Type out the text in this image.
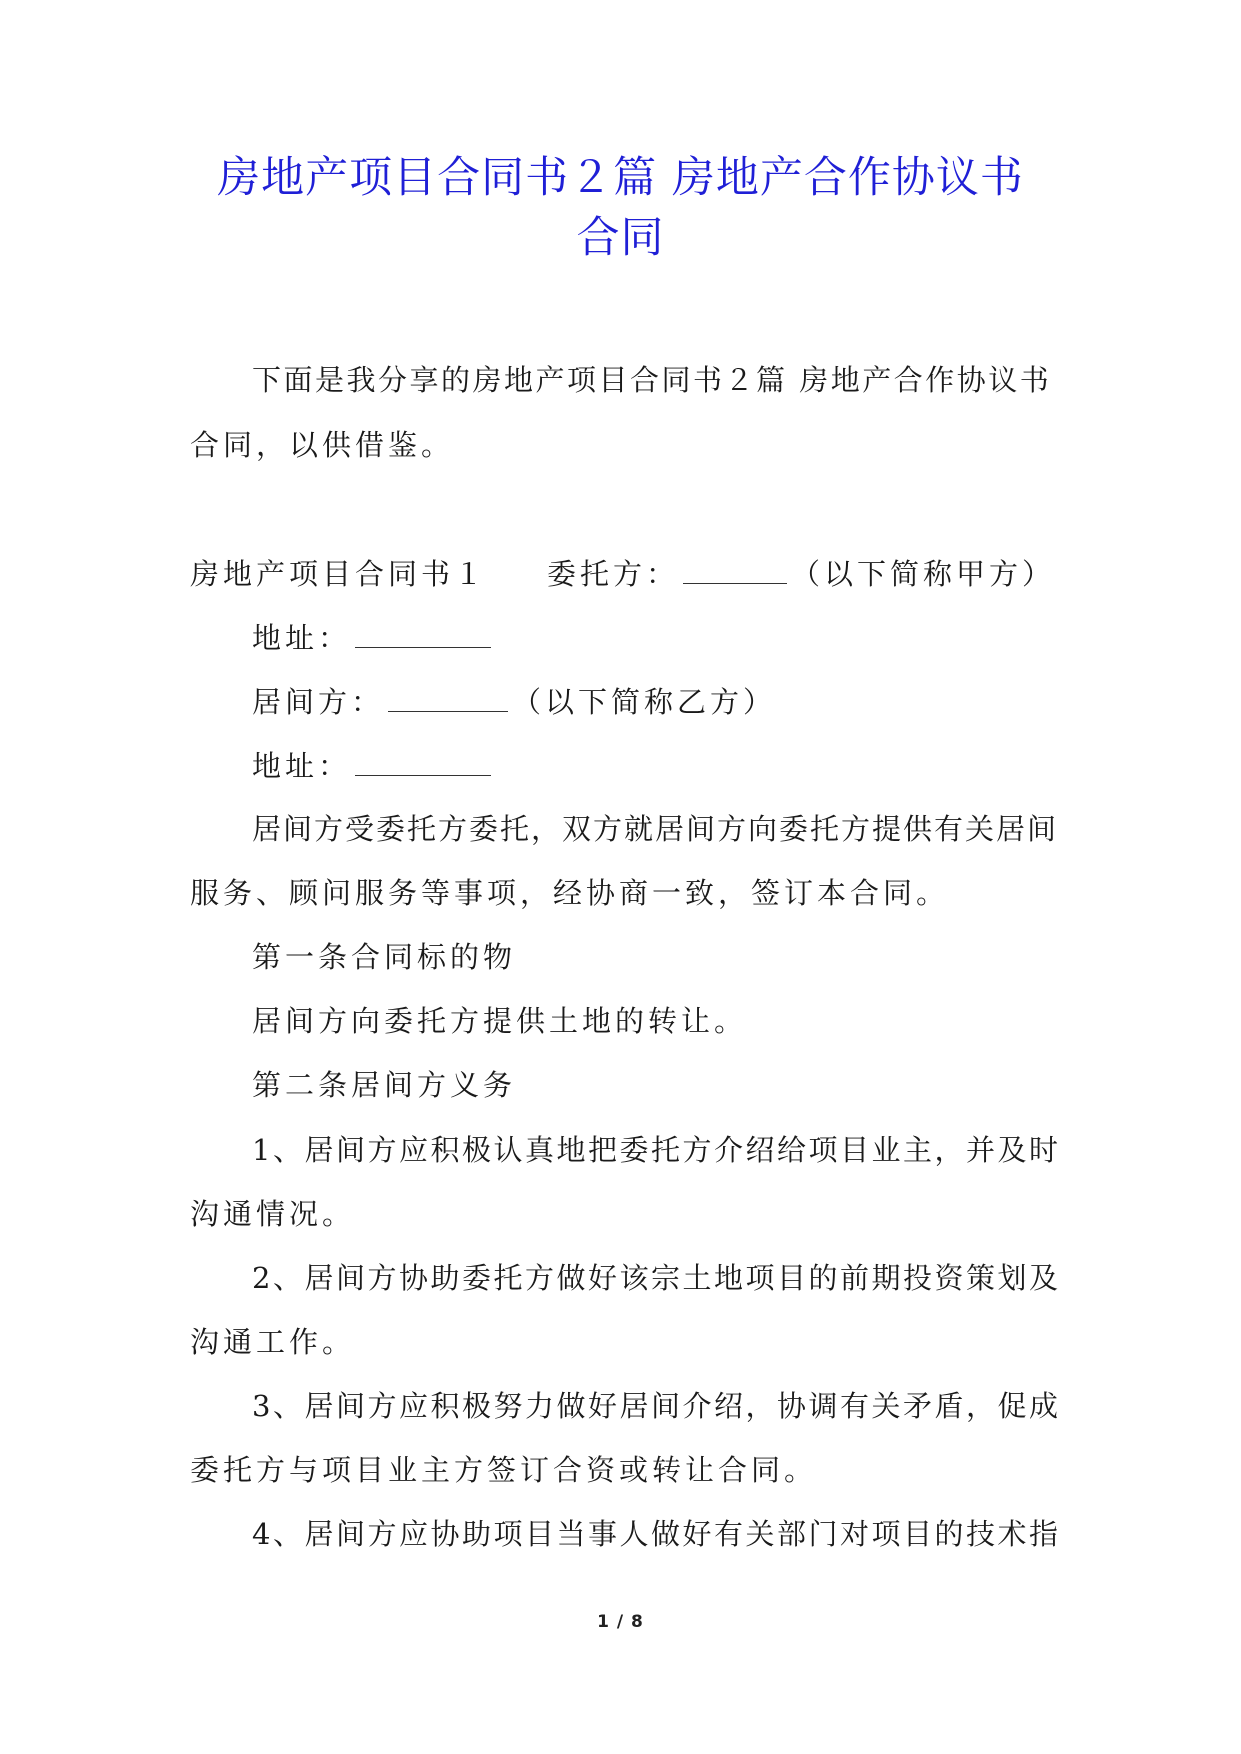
房地产项目合同书２篇 房地产合作协议书
合同
下面是我分享的房地产项目合同书２篇 房地产合作协议书
合同，以供借鉴。
房地产项目合同书１ 委托方：	（以下简称甲方）
地址：
居间方：	（以下简称乙方）
地址：
居间方受委托方委托，双方就居间方向委托方提供有关居间
服务、顾问服务等事项，经协商一致，签订本合同。
第一条合同标的物
居间方向委托方提供土地的转让。
第二条居间方义务
1、居间方应积极认真地把委托方介绍给项目业主，并及时
沟通情况。
2、居间方协助委托方做好该宗土地项目的前期投资策划及
沟通工作。
3、居间方应积极努力做好居间介绍，协调有关矛盾，促成
委托方与项目业主方签订合资或转让合同。
4、居间方应协助项目当事人做好有关部门对项目的技术指
1 / 8
